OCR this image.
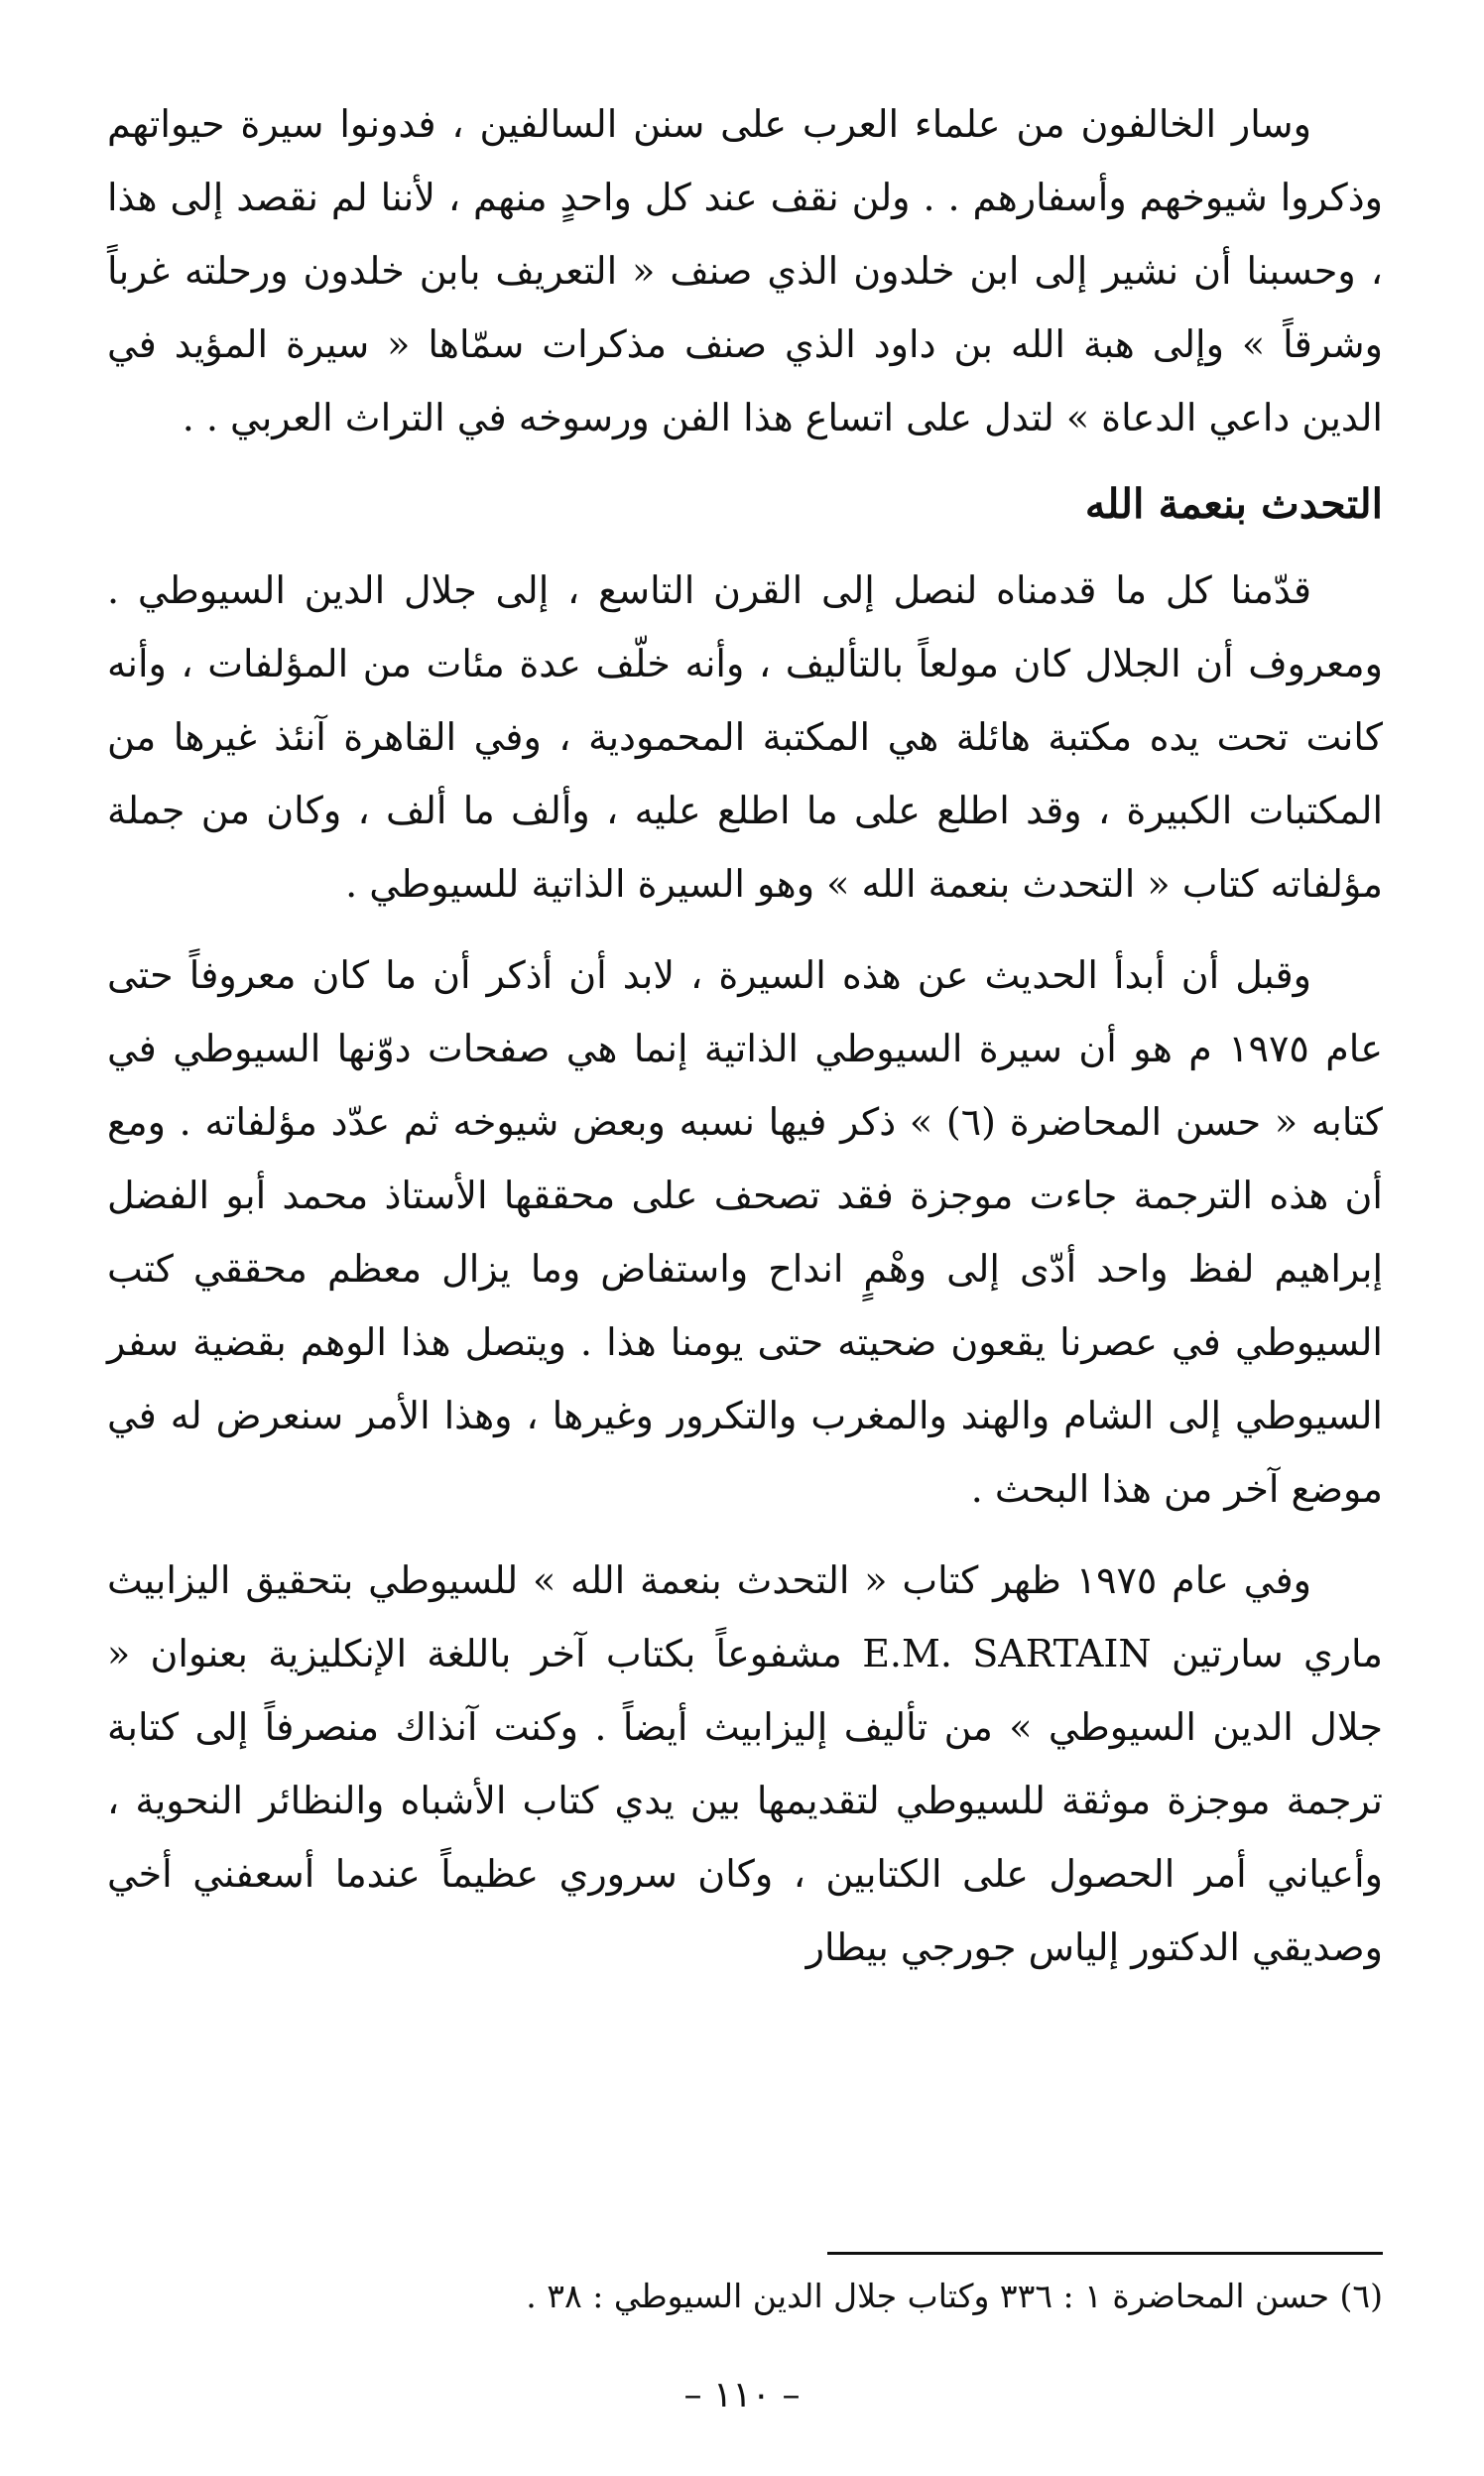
وسار الخالفون من علماء العرب على سنن السالفين ، فدونوا سيرة حيواتهم وذكروا شيوخهم وأسفارهم . . ولن نقف عند كل واحدٍ منهم ، لأننا لم نقصد إلى هذا ، وحسبنا أن نشير إلى ابن خلدون الذي صنف « التعريف بابن خلدون ورحلته غرباً وشرقاً » وإلى هبة الله بن داود الذي صنف مذكرات سمّاها « سيرة المؤيد في الدين داعي الدعاة » لتدل على اتساع هذا الفن ورسوخه في التراث العربي . .

التحدث بنعمة الله

قدّمنا كل ما قدمناه لنصل إلى القرن التاسع ، إلى جلال الدين السيوطي . ومعروف أن الجلال كان مولعاً بالتأليف ، وأنه خلّف عدة مئات من المؤلفات ، وأنه كانت تحت يده مكتبة هائلة هي المكتبة المحمودية ، وفي القاهرة آنئذ غيرها من المكتبات الكبيرة ، وقد اطلع على ما اطلع عليه ، وألف ما ألف ، وكان من جملة مؤلفاته كتاب « التحدث بنعمة الله » وهو السيرة الذاتية للسيوطي .

وقبل أن أبدأ الحديث عن هذه السيرة ، لابد أن أذكر أن ما كان معروفاً حتى عام ١٩٧٥ م هو أن سيرة السيوطي الذاتية إنما هي صفحات دوّنها السيوطي في كتابه « حسن المحاضرة (٦) » ذكر فيها نسبه وبعض شيوخه ثم عدّد مؤلفاته . ومع أن هذه الترجمة جاءت موجزة فقد تصحف على محققها الأستاذ محمد أبو الفضل إبراهيم لفظ واحد أدّى إلى وهْمٍ انداح واستفاض وما يزال معظم محققي كتب السيوطي في عصرنا يقعون ضحيته حتى يومنا هذا . ويتصل هذا الوهم بقضية سفر السيوطي إلى الشام والهند والمغرب والتكرور وغيرها ، وهذا الأمر سنعرض له في موضع آخر من هذا البحث .

وفي عام ١٩٧٥ ظهر كتاب « التحدث بنعمة الله » للسيوطي بتحقيق اليزابيث ماري سارتين E.M. SARTAIN مشفوعاً بكتاب آخر باللغة الإنكليزية بعنوان « جلال الدين السيوطي » من تأليف إليزابيث أيضاً . وكنت آنذاك منصرفاً إلى كتابة ترجمة موجزة موثقة للسيوطي لتقديمها بين يدي كتاب الأشباه والنظائر النحوية ، وأعياني أمر الحصول على الكتابين ، وكان سروري عظيماً عندما أسعفني أخي وصديقي الدكتور إلياس جورجي بيطار

(٦) حسن المحاضرة ١ : ٣٣٦ وكتاب جلال الدين السيوطي : ٣٨ .

– ١١٠ –
